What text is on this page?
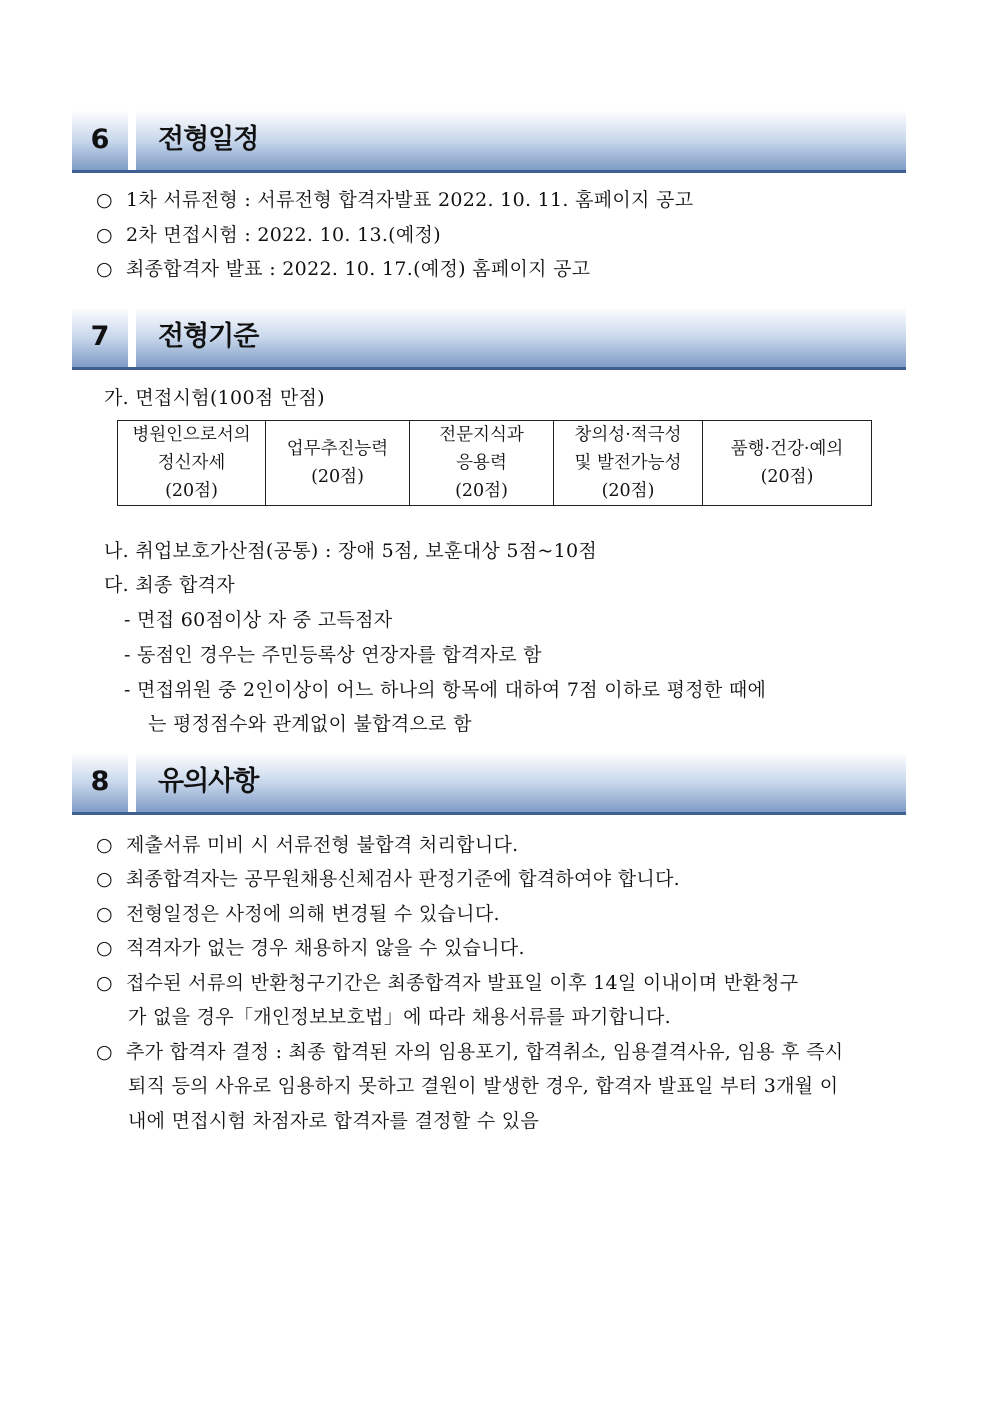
6	전형일정
○ 1차 서류전형 : 서류전형 합격자발표 2022. 10. 11. 홈페이지 공고
○ 2차 면접시험 : 2022. 10. 13.(예정)
○ 최종합격자 발표 : 2022. 10. 17.(예정) 홈페이지 공고
7	전형기준
가. 면접시험(100점 만점)
병원인으로서의
정신자세
(20점)

업무추진능력
(20점)

전문지식과
응용력
(20점)

창의성·적극성
및 발전가능성
(20점)

품행·건강·예의
(20점)
나. 취업보호가산점(공통) : 장애 5점, 보훈대상 5점~10점
다. 최종 합격자
- 면접 60점이상 자 중 고득점자
- 동점인 경우는 주민등록상 연장자를 합격자로 함
- 면접위원 중 2인이상이 어느 하나의 항목에 대하여 7점 이하로 평정한 때에
는 평정점수와 관계없이 불합격으로 함
8	유의사항
○ 제출서류 미비 시 서류전형 불합격 처리합니다.
○ 최종합격자는 공무원채용신체검사 판정기준에 합격하여야 합니다.
○ 전형일정은 사정에 의해 변경될 수 있습니다.
○ 적격자가 없는 경우 채용하지 않을 수 있습니다.
○ 접수된 서류의 반환청구기간은 최종합격자 발표일 이후 14일 이내이며 반환청구
가 없을 경우「개인정보보호법」에 따라 채용서류를 파기합니다.
○ 추가 합격자 결정 : 최종 합격된 자의 임용포기, 합격취소, 임용결격사유, 임용 후 즉시
퇴직 등의 사유로 임용하지 못하고 결원이 발생한 경우, 합격자 발표일 부터 3개월 이
내에 면접시험 차점자로 합격자를 결정할 수 있음
